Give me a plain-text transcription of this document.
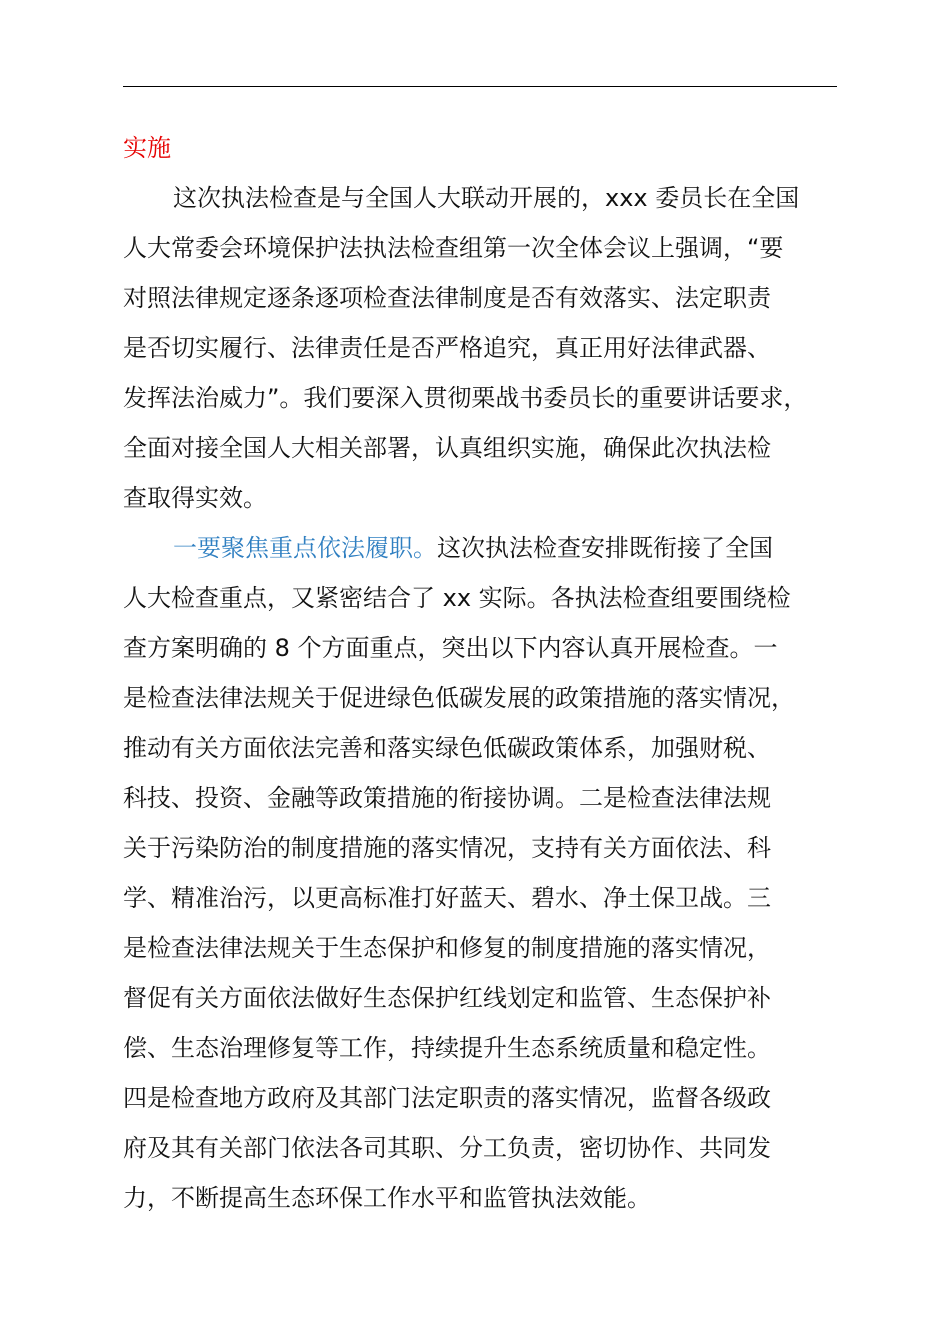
实施
这次执法检查是与全国人大联动开展的，xxx 委员长在全国
人大常委会环境保护法执法检查组第一次全体会议上强调，“要
对照法律规定逐条逐项检查法律制度是否有效落实、法定职责
是否切实履行、法律责任是否严格追究，真正用好法律武器、
发挥法治威力”。我们要深入贯彻栗战书委员长的重要讲话要求，
全面对接全国人大相关部署，认真组织实施，确保此次执法检
查取得实效。
一要聚焦重点依法履职。这次执法检查安排既衔接了全国
人大检查重点，又紧密结合了 xx 实际。各执法检查组要围绕检
查方案明确的 8 个方面重点，突出以下内容认真开展检查。一
是检查法律法规关于促进绿色低碳发展的政策措施的落实情况，
推动有关方面依法完善和落实绿色低碳政策体系，加强财税、
科技、投资、金融等政策措施的衔接协调。二是检查法律法规
关于污染防治的制度措施的落实情况，支持有关方面依法、科
学、精准治污，以更高标准打好蓝天、碧水、净土保卫战。三
是检查法律法规关于生态保护和修复的制度措施的落实情况，
督促有关方面依法做好生态保护红线划定和监管、生态保护补
偿、生态治理修复等工作，持续提升生态系统质量和稳定性。
四是检查地方政府及其部门法定职责的落实情况，监督各级政
府及其有关部门依法各司其职、分工负责，密切协作、共同发
力，不断提高生态环保工作水平和监管执法效能。
